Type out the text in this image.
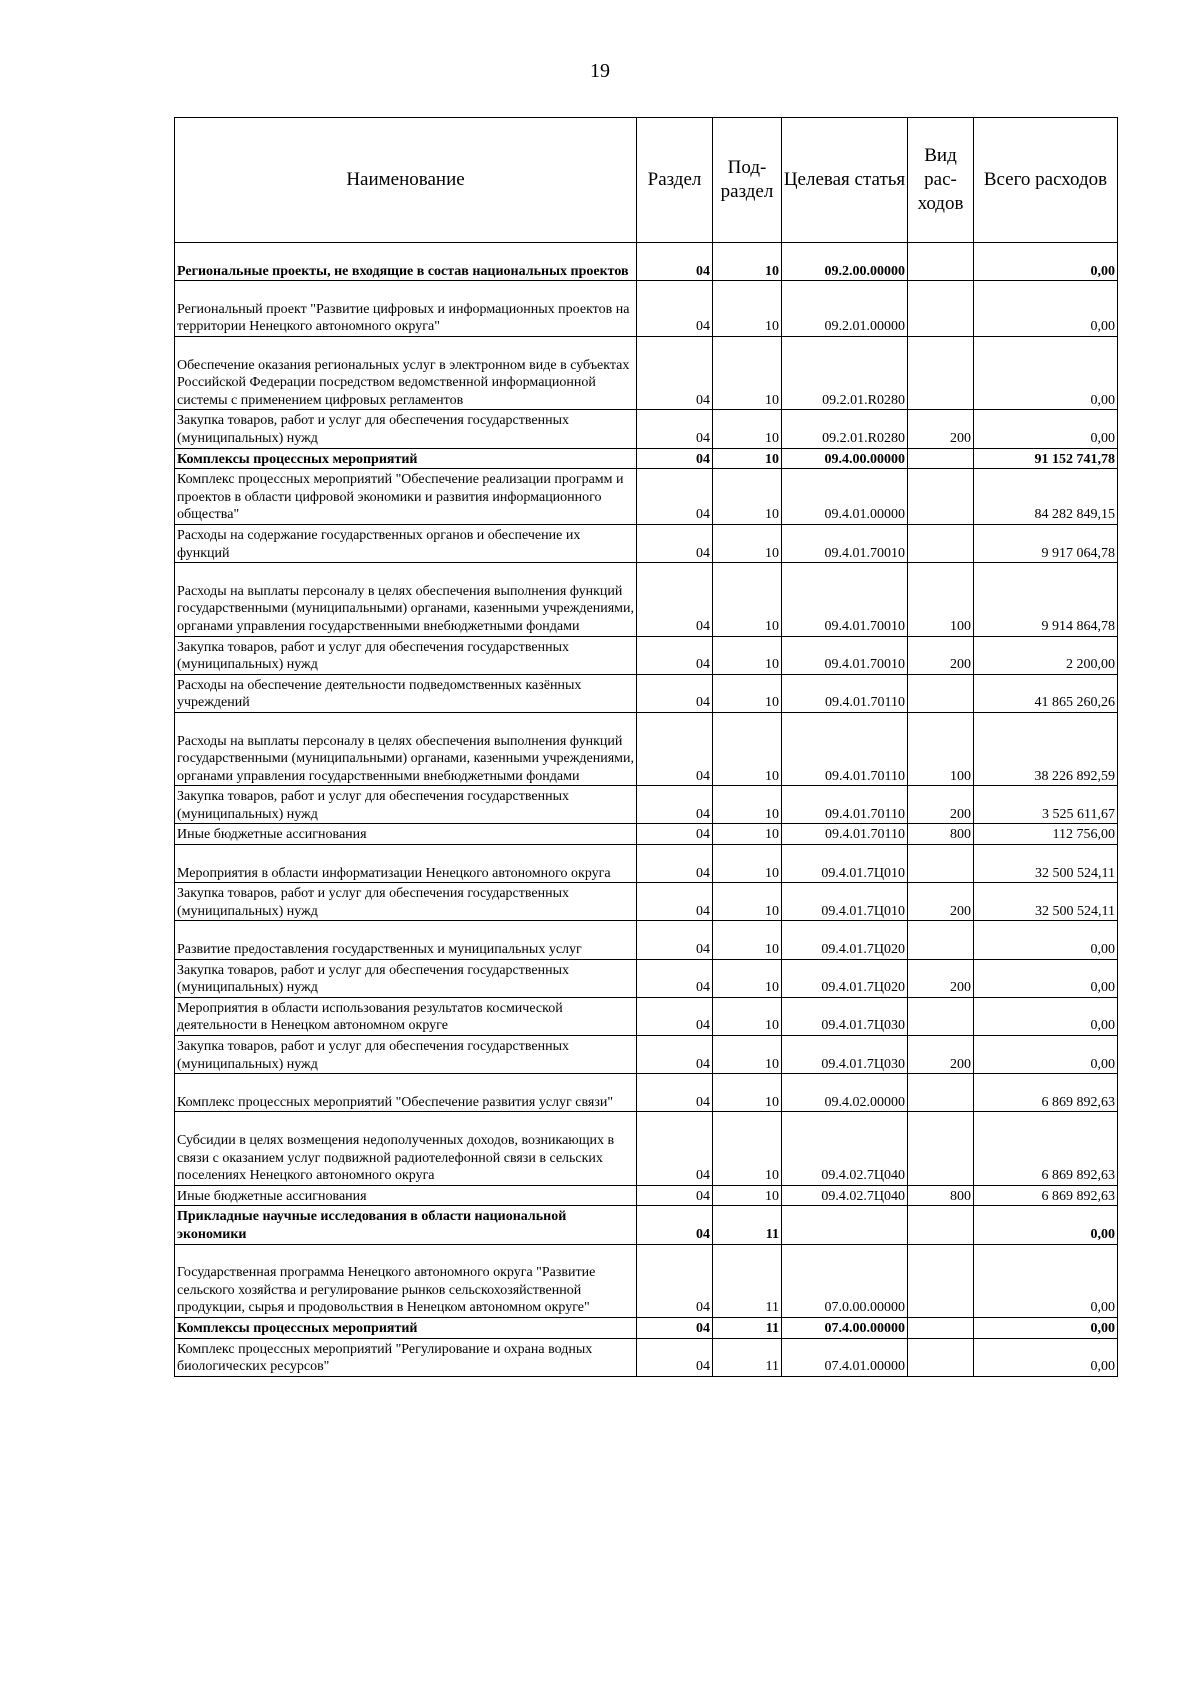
19
Наименование	Раздел	Под-раздел	Целевая статья	Вид рас-ходов	Всего расходов
Региональные проекты, не входящие в состав национальных проектов	04	10	09.2.00.00000		0,00
Региональный проект "Развитие цифровых и информационных проектов на территории Ненецкого автономного округа"	04	10	09.2.01.00000		0,00
Обеспечение оказания региональных услуг в электронном виде в субъектах Российской Федерации посредством ведомственной информационной системы с применением цифровых регламентов	04	10	09.2.01.R0280		0,00
Закупка товаров, работ и услуг для обеспечения государственных (муниципальных) нужд	04	10	09.2.01.R0280	200	0,00
Комплексы процессных мероприятий	04	10	09.4.00.00000		91 152 741,78
Комплекс процессных мероприятий "Обеспечение реализации программ и проектов в области цифровой экономики и развития информационного общества"	04	10	09.4.01.00000		84 282 849,15
Расходы на содержание государственных органов и обеспечение их функций	04	10	09.4.01.70010		9 917 064,78
Расходы на выплаты персоналу в целях обеспечения выполнения функций государственными (муниципальными) органами, казенными учреждениями, органами управления государственными внебюджетными фондами	04	10	09.4.01.70010	100	9 914 864,78
Закупка товаров, работ и услуг для обеспечения государственных (муниципальных) нужд	04	10	09.4.01.70010	200	2 200,00
Расходы на обеспечение деятельности подведомственных казённых учреждений	04	10	09.4.01.70110		41 865 260,26
Расходы на выплаты персоналу в целях обеспечения выполнения функций государственными (муниципальными) органами, казенными учреждениями, органами управления государственными внебюджетными фондами	04	10	09.4.01.70110	100	38 226 892,59
Закупка товаров, работ и услуг для обеспечения государственных (муниципальных) нужд	04	10	09.4.01.70110	200	3 525 611,67
Иные бюджетные ассигнования	04	10	09.4.01.70110	800	112 756,00
Мероприятия в области информатизации Ненецкого автономного округа	04	10	09.4.01.7Ц010		32 500 524,11
Закупка товаров, работ и услуг для обеспечения государственных (муниципальных) нужд	04	10	09.4.01.7Ц010	200	32 500 524,11
Развитие предоставления государственных и муниципальных услуг	04	10	09.4.01.7Ц020		0,00
Закупка товаров, работ и услуг для обеспечения государственных (муниципальных) нужд	04	10	09.4.01.7Ц020	200	0,00
Мероприятия в области использования результатов космической деятельности в Ненецком автономном округе	04	10	09.4.01.7Ц030		0,00
Закупка товаров, работ и услуг для обеспечения государственных (муниципальных) нужд	04	10	09.4.01.7Ц030	200	0,00
Комплекс процессных мероприятий "Обеспечение развития услуг связи"	04	10	09.4.02.00000		6 869 892,63
Субсидии в целях возмещения недополученных доходов, возникающих в связи с оказанием услуг подвижной радиотелефонной связи в сельских поселениях Ненецкого автономного округа	04	10	09.4.02.7Ц040		6 869 892,63
Иные бюджетные ассигнования	04	10	09.4.02.7Ц040	800	6 869 892,63
Прикладные научные исследования в области национальной экономики	04	11			0,00
Государственная программа Ненецкого автономного округа "Развитие сельского хозяйства и регулирование рынков сельскохозяйственной продукции, сырья и продовольствия в Ненецком автономном округе"	04	11	07.0.00.00000		0,00
Комплексы процессных мероприятий	04	11	07.4.00.00000		0,00
Комплекс процессных мероприятий "Регулирование и охрана водных биологических ресурсов"	04	11	07.4.01.00000		0,00
